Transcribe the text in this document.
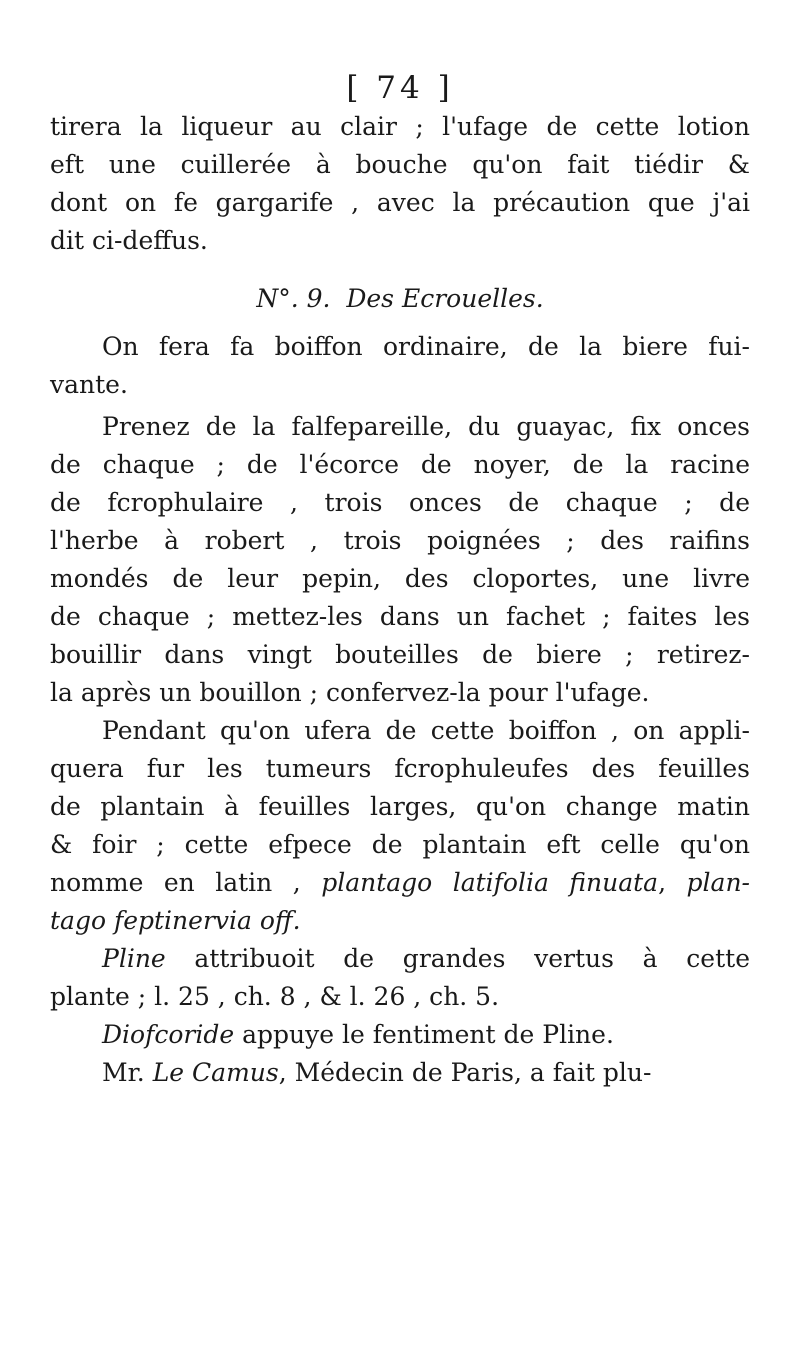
[ 74 ]
tirera la liqueur au clair ; l'ufage de cette lotion
eft une cuillerée à bouche qu'on fait tiédir &
dont on fe gargarife , avec la précaution que j'ai
dit ci-deffus.
N°. 9. Des Ecrouelles.
On fera fa boiffon ordinaire, de la biere fui-
vante.
Prenez de la falfepareille, du guayac, fix onces
de chaque ; de l'écorce de noyer, de la racine
de fcrophulaire , trois onces de chaque ; de
l'herbe à robert , trois poignées ; des raifins
mondés de leur pepin, des cloportes, une livre
de chaque ; mettez-les dans un fachet ; faites les
bouillir dans vingt bouteilles de biere ; retirez-
la après un bouillon ; confervez-la pour l'ufage.
Pendant qu'on ufera de cette boiffon , on appli-
quera fur les tumeurs fcrophuleufes des feuilles
de plantain à feuilles larges, qu'on change matin
& foir ; cette efpece de plantain eft celle qu'on
nomme en latin , plantago latifolia finuata, plan-
tago feptinervia off.
Pline attribuoit de grandes vertus à cette
plante ; l. 25 , ch. 8 , & l. 26 , ch. 5.
Diofcoride appuye le fentiment de Pline.
Mr. Le Camus, Médecin de Paris, a fait plu-
